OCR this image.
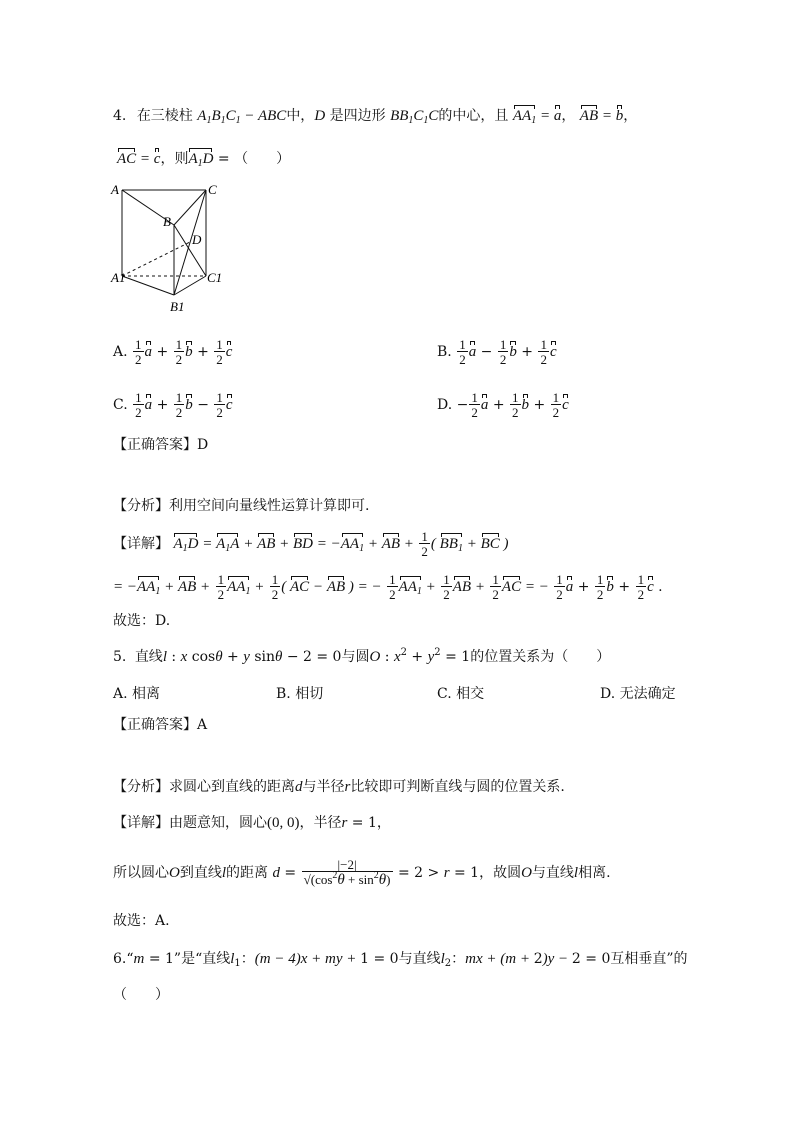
4. 在三棱柱 $A_1B_1C_1$ − ABC中，D 是四边形 $BB_1C_1C$的中心，且 $AA_1 = a$， AB = b，
AC = c，则$A_1D$ = （　　）
A	C
B
D
A1	C1
B1
A. $\frac{1}{2}$ $a + \frac{1}{2}$ $b + \frac{1}{2}$ c	B. $\frac{1}{2}$ $a - \frac{1}{2}$ $b + \frac{1}{2}$ c
C. $\frac{1}{2}$ $a + \frac{1}{2}$ $b - \frac{1}{2}$ c	D. − $\frac{1}{2}$ $a + \frac{1}{2}$ $b + \frac{1}{2}$ c
【正确答案】D
【分析】利用空间向量线性运算计算即可.
【详解】 $A_1D = A_1A$ + AB + BD = $-AA_1$ + AB + $\frac{1}{2}$ ( $BB_1$ + BC )
= $-AA_1$ + AB + $\frac{1}{2} AA_1 + \frac{1}{2}$ ( AC − AB ) = − $\frac{1}{2} AA_1 + \frac{1}{2}$ AB + $\frac{1}{2}$ AC = − $\frac{1}{2}$ $a + \frac{1}{2}$ $b + \frac{1}{2}$ c .
故选：D.
5. 直线l : x cosθ + y sinθ − 2 = 0与圆O : $x^2 + y^2 = 1$的位置关系为（　　）
A. 相离	B. 相切	C. 相交	D. 无法确定
【正确答案】A
【分析】求圆心到直线的距离d与半径r比较即可判断直线与圆的位置关系.
【详解】由题意知，圆心(0, 0)，半径r = 1，
所以圆心O到直线l的距离 $d = \frac{|-2|}{√(\cos^2\theta + \sin^2\theta)} = 2 > r = 1$，故圆O与直线l相离.
故选：A.
6.“m = 1”是“直线$l_1$：(m − 4)x + my + 1 = 0与直线$l_2$：mx + (m + 2)y − 2 = 0互相垂直”的
（　　）
